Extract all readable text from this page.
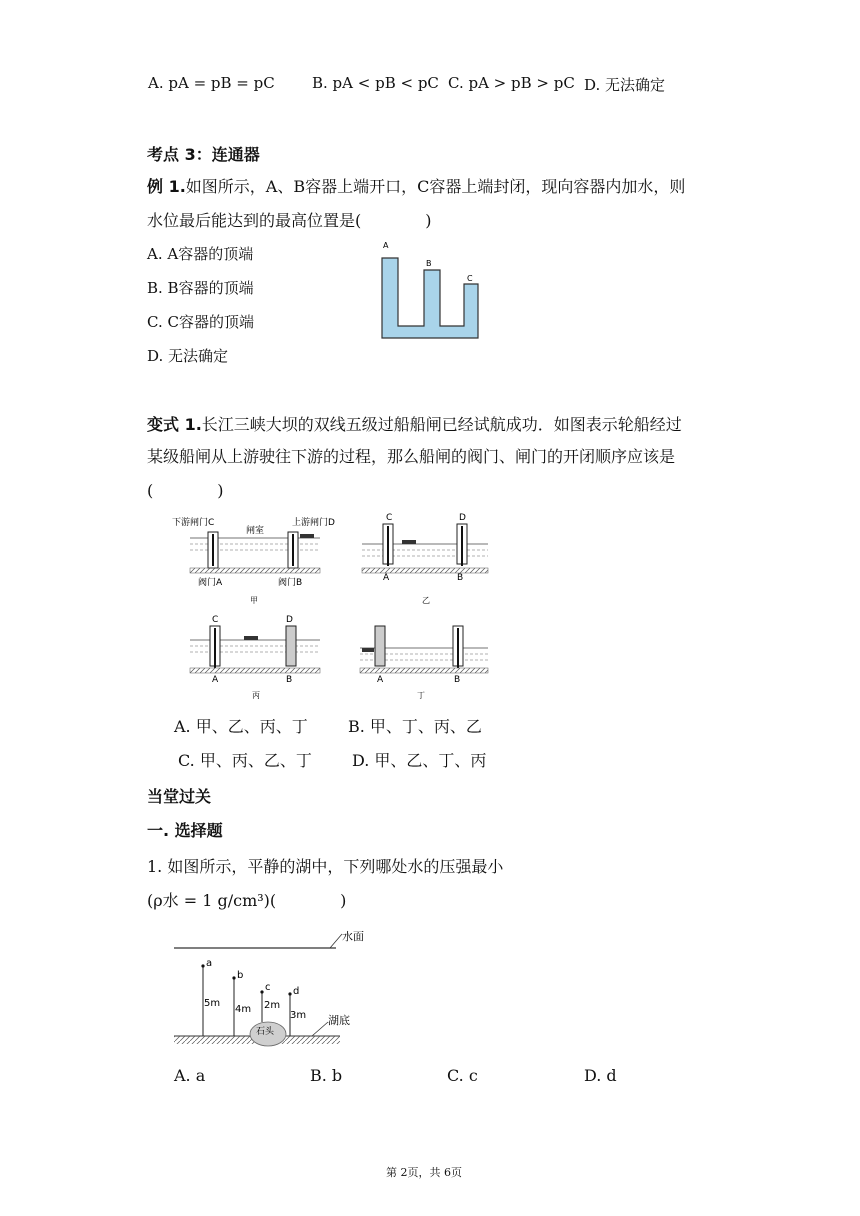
A. pA = pB = pC B. pA < pB < pC C. pA > pB > pC D. 无法确定
考点 3：连通器
例 1.如图所示，A、B容器上端开口，C容器上端封闭，现向容器内加水，则
水位最后能达到的最高位置是(　　　　)
A. A容器的顶端
B. B容器的顶端
C. C容器的顶端
D. 无法确定
A
B
C
变式 1.长江三峡大坝的双线五级过船船闸已经试航成功．如图表示轮船经过
某级船闸从上游驶往下游的过程，那么船闸的阀门、闸门的开闭顺序应该是
(　　　　)
下游闸门C
闸室
上游闸门D
阀门A	阀门B
甲
C	D
A	B
乙
C	D
A	B
丙
A	B
丁
A. 甲、乙、丙、丁	B. 甲、丁、丙、乙
C. 甲、丙、乙、丁	D. 甲、乙、丁、丙
当堂过关
一. 选择题
1. 如图所示，平静的湖中，下列哪处水的压强最小
(ρ水 = 1 g/cm³)(　　　　)
水面
湖底
石头
a
5m
b
4m
c
2m
d
3m
A. a	B. b	C. c	D. d
第 2页，共 6页
